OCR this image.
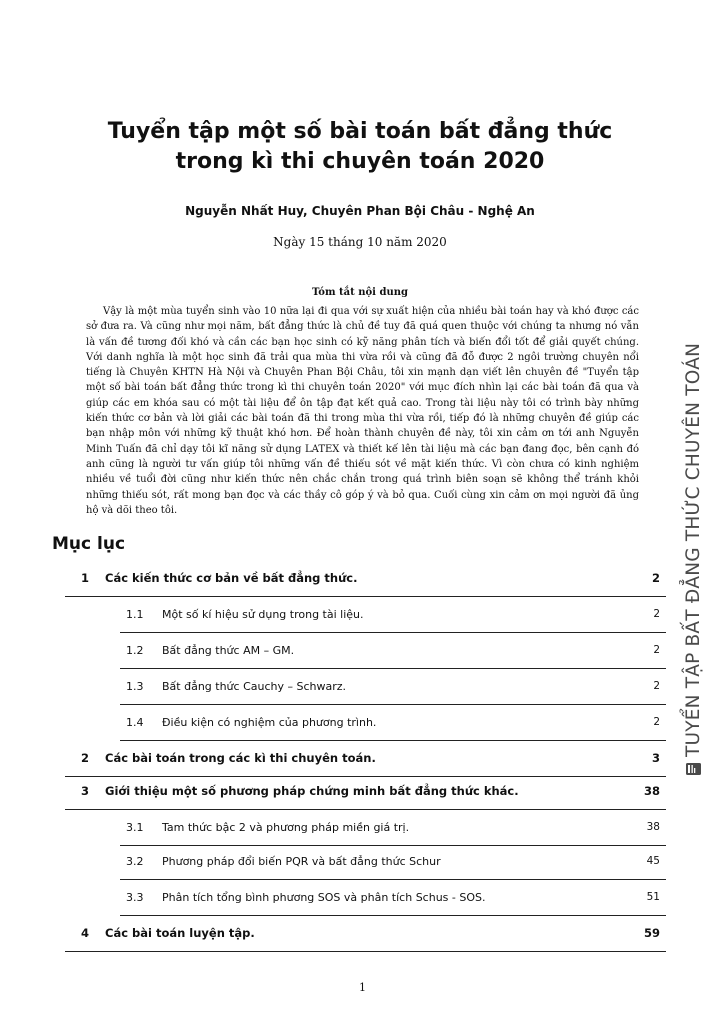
Tuyển tập một số bài toán bất đẳng thức
trong kì thi chuyên toán 2020
Nguyễn Nhất Huy, Chuyên Phan Bội Châu - Nghệ An
Ngày 15 tháng 10 năm 2020
Tóm tắt nội dung

Vậy là một mùa tuyển sinh vào 10 nữa lại đi qua với sự xuất hiện của nhiều bài toán hay và khó được các sở đưa ra. Và cũng như mọi năm, bất đẳng thức là chủ đề tuy đã quá quen thuộc với chúng ta nhưng nó vẫn là vấn đề tương đối khó và cần các bạn học sinh có kỹ năng phân tích và biến đổi tốt để giải quyết chúng. Với danh nghĩa là một học sinh đã trải qua mùa thi vừa rồi và cũng đã đỗ được 2 ngôi trường chuyên nổi tiếng là Chuyên KHTN Hà Nội và Chuyên Phan Bội Châu, tôi xin mạnh dạn viết lên chuyên đề "Tuyển tập một số bài toán bất đẳng thức trong kì thi chuyên toán 2020" với mục đích nhìn lại các bài toán đã qua và giúp các em khóa sau có một tài liệu để ôn tập đạt kết quả cao. Trong tài liệu này tôi có trình bày những kiến thức cơ bản và lời giải các bài toán đã thi trong mùa thi vừa rồi, tiếp đó là những chuyên đề giúp các bạn nhập môn với những kỹ thuật khó hơn. Để hoàn thành chuyên đề này, tôi xin cảm ơn tới anh Nguyễn Minh Tuấn đã chỉ dạy tôi kĩ năng sử dụng LATEX và thiết kế lên tài liệu mà các bạn đang đọc, bên cạnh đó anh cũng là người tư vấn giúp tôi những vấn đề thiếu sót về mặt kiến thức. Vì còn chưa có kinh nghiệm nhiều về tuổi đời cũng như kiến thức nên chắc chắn trong quá trình biên soạn sẽ không thể tránh khỏi những thiếu sót, rất mong bạn đọc và các thầy cô góp ý và bỏ qua. Cuối cùng xin cảm ơn mọi người đã ủng hộ và dõi theo tôi.

Mục lục
1	Các kiến thức cơ bản về bất đẳng thức.	2
1.1	Một số kí hiệu sử dụng trong tài liệu.	2
1.2	Bất đẳng thức AM – GM.	2
1.3	Bất đẳng thức Cauchy – Schwarz.	2
1.4	Điều kiện có nghiệm của phương trình.	2
2	Các bài toán trong các kì thi chuyên toán.	3
3	Giới thiệu một số phương pháp chứng minh bất đẳng thức khác.	38
3.1	Tam thức bậc 2 và phương pháp miền giá trị.	38
3.2	Phương pháp đổi biến PQR và bất đẳng thức Schur	45
3.3	Phân tích tổng bình phương SOS và phân tích Schus - SOS.	51
4	Các bài toán luyện tập.	59
TUYỂN TẬP BẤT ĐẲNG THỨC CHUYÊN TOÁN
1
